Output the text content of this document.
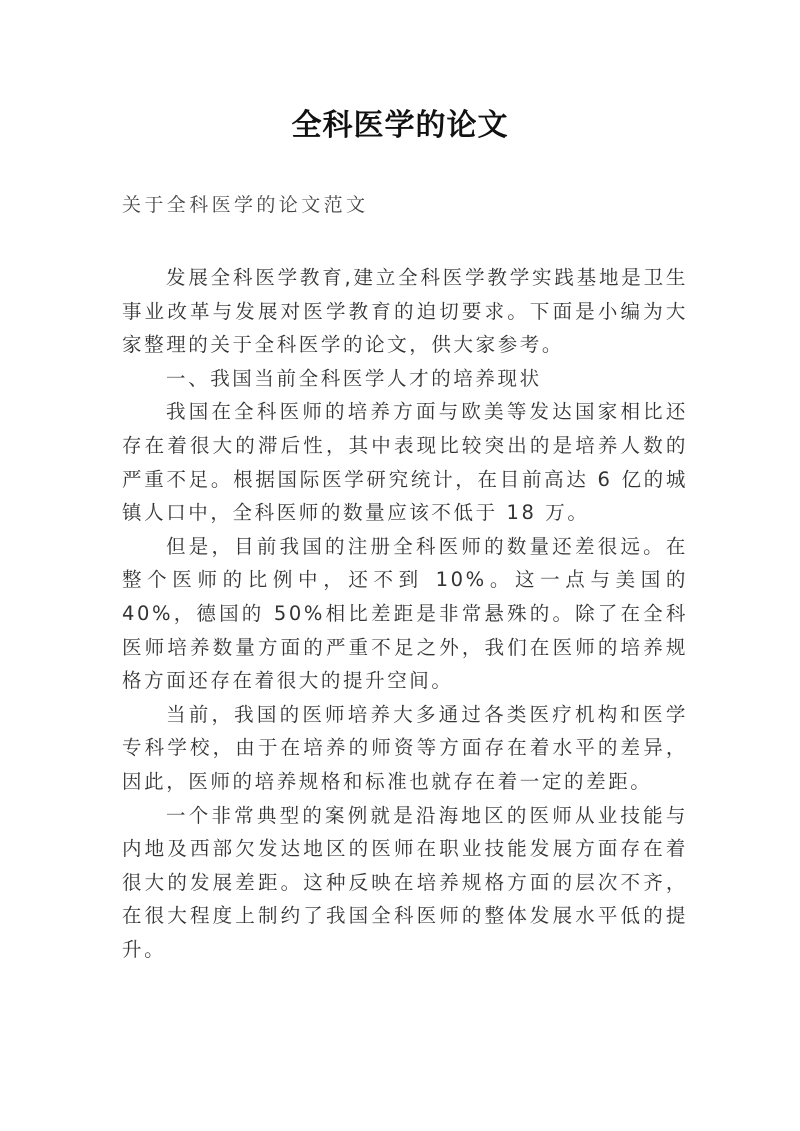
全科医学的论文
关于全科医学的论文范文

发展全科医学教育,建立全科医学教学实践基地是卫生事业改革与发展对医学教育的迫切要求。下面是小编为大家整理的关于全科医学的论文，供大家参考。

一、我国当前全科医学人才的培养现状

我国在全科医师的培养方面与欧美等发达国家相比还存在着很大的滞后性，其中表现比较突出的是培养人数的严重不足。根据国际医学研究统计，在目前高达 6 亿的城镇人口中，全科医师的数量应该不低于 18 万。

但是，目前我国的注册全科医师的数量还差很远。在整个医师的比例中，还不到 10%。这一点与美国的 40%，德国的 50%相比差距是非常悬殊的。除了在全科医师培养数量方面的严重不足之外，我们在医师的培养规格方面还存在着很大的提升空间。

当前，我国的医师培养大多通过各类医疗机构和医学专科学校，由于在培养的师资等方面存在着水平的差异，因此，医师的培养规格和标准也就存在着一定的差距。

一个非常典型的案例就是沿海地区的医师从业技能与内地及西部欠发达地区的医师在职业技能发展方面存在着很大的发展差距。这种反映在培养规格方面的层次不齐，在很大程度上制约了我国全科医师的整体发展水平低的提升。
